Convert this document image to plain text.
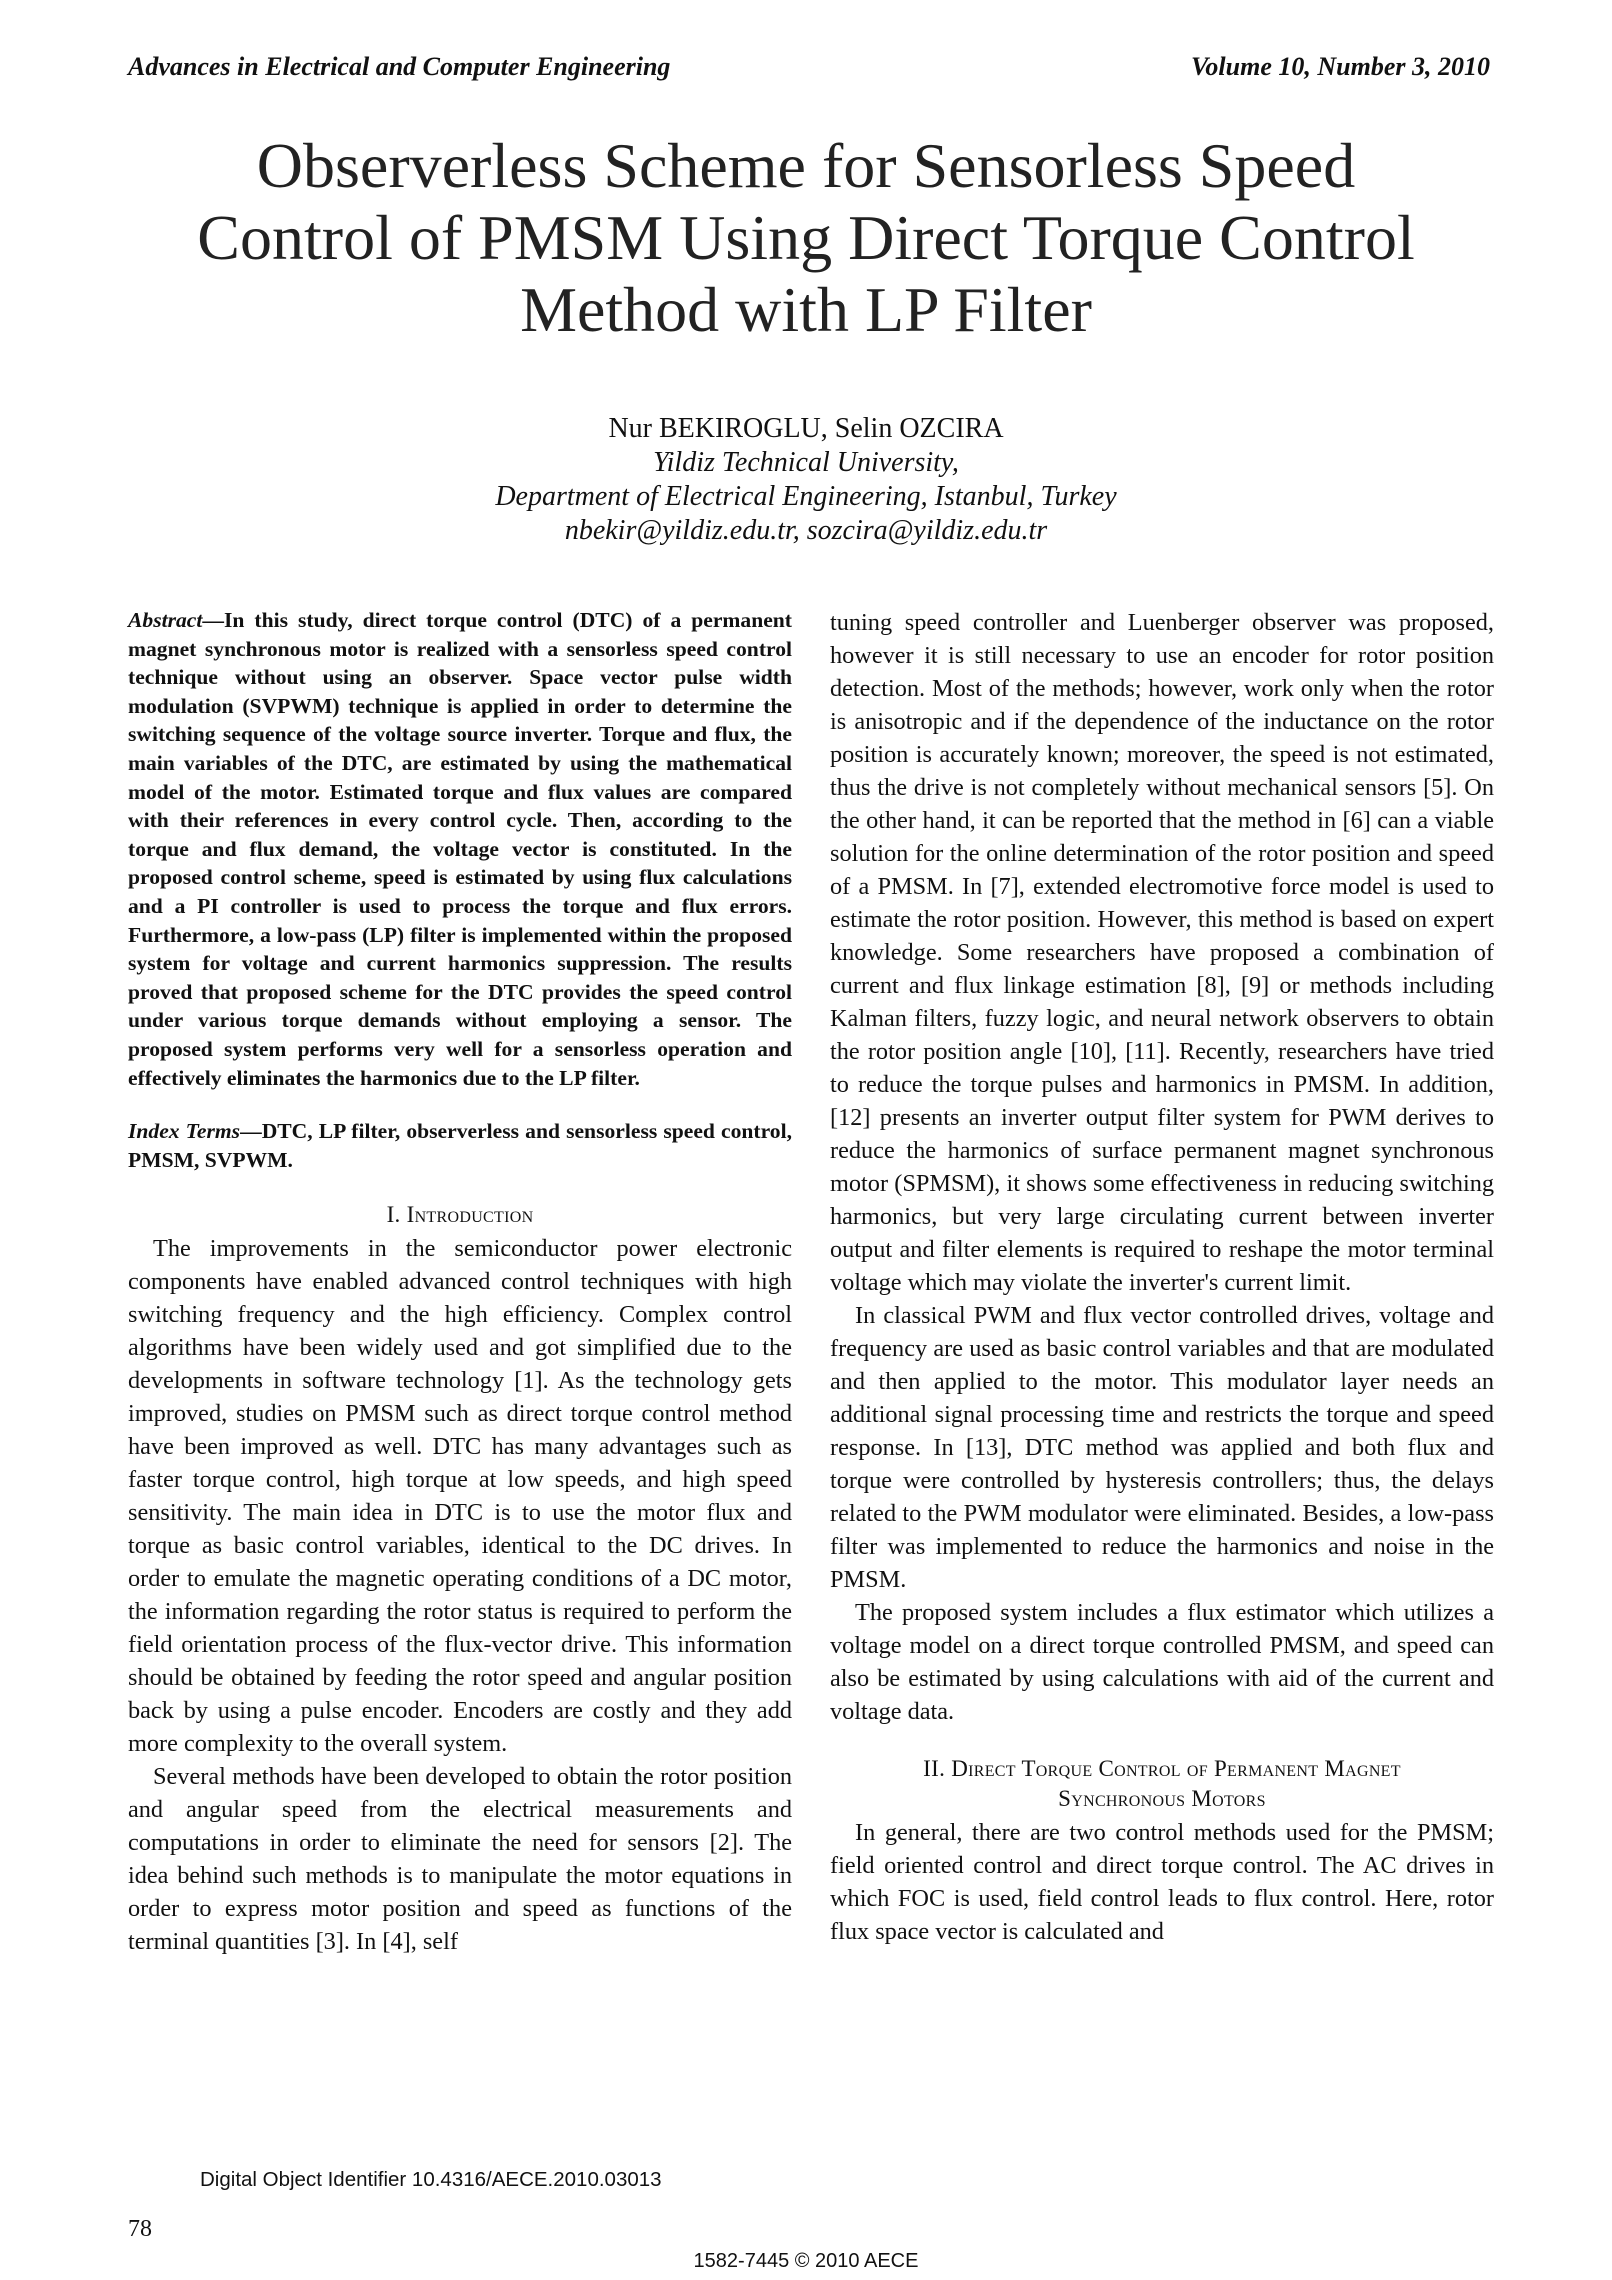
Advances in Electrical and Computer Engineering	Volume 10, Number 3, 2010
Observerless Scheme for Sensorless Speed
Control of PMSM Using Direct Torque Control
Method with LP Filter
Nur BEKIROGLU, Selin OZCIRA
Yildiz Technical University,
Department of Electrical Engineering, Istanbul, Turkey
nbekir@yildiz.edu.tr, sozcira@yildiz.edu.tr

Abstract—In this study, direct torque control (DTC) of a permanent magnet synchronous motor is realized with a sensorless speed control technique without using an observer. Space vector pulse width modulation (SVPWM) technique is applied in order to determine the switching sequence of the voltage source inverter. Torque and flux, the main variables of the DTC, are estimated by using the mathematical model of the motor. Estimated torque and flux values are compared with their references in every control cycle. Then, according to the torque and flux demand, the voltage vector is constituted. In the proposed control scheme, speed is estimated by using flux calculations and a PI controller is used to process the torque and flux errors. Furthermore, a low-pass (LP) filter is implemented within the proposed system for voltage and current harmonics suppression. The results proved that proposed scheme for the DTC provides the speed control under various torque demands without employing a sensor. The proposed system performs very well for a sensorless operation and effectively eliminates the harmonics due to the LP filter.

Index Terms—DTC, LP filter, observerless and sensorless speed control, PMSM, SVPWM.

I. Introduction

The improvements in the semiconductor power electronic components have enabled advanced control techniques with high switching frequency and the high efficiency. Complex control algorithms have been widely used and got simplified due to the developments in software technology [1]. As the technology gets improved, studies on PMSM such as direct torque control method have been improved as well. DTC has many advantages such as faster torque control, high torque at low speeds, and high speed sensitivity. The main idea in DTC is to use the motor flux and torque as basic control variables, identical to the DC drives. In order to emulate the magnetic operating conditions of a DC motor, the information regarding the rotor status is required to perform the field orientation process of the flux-vector drive. This information should be obtained by feeding the rotor speed and angular position back by using a pulse encoder. Encoders are costly and they add more complexity to the overall system.

Several methods have been developed to obtain the rotor position and angular speed from the electrical measurements and computations in order to eliminate the need for sensors [2]. The idea behind such methods is to manipulate the motor equations in order to express motor position and speed as functions of the terminal quantities [3]. In [4], self

tuning speed controller and Luenberger observer was proposed, however it is still necessary to use an encoder for rotor position detection. Most of the methods; however, work only when the rotor is anisotropic and if the dependence of the inductance on the rotor position is accurately known; moreover, the speed is not estimated, thus the drive is not completely without mechanical sensors [5]. On the other hand, it can be reported that the method in [6] can a viable solution for the online determination of the rotor position and speed of a PMSM. In [7], extended electromotive force model is used to estimate the rotor position. However, this method is based on expert knowledge. Some researchers have proposed a combination of current and flux linkage estimation [8], [9] or methods including Kalman filters, fuzzy logic, and neural network observers to obtain the rotor position angle [10], [11]. Recently, researchers have tried to reduce the torque pulses and harmonics in PMSM. In addition, [12] presents an inverter output filter system for PWM derives to reduce the harmonics of surface permanent magnet synchronous motor (SPMSM), it shows some effectiveness in reducing switching harmonics, but very large circulating current between inverter output and filter elements is required to reshape the motor terminal voltage which may violate the inverter's current limit.

In classical PWM and flux vector controlled drives, voltage and frequency are used as basic control variables and that are modulated and then applied to the motor. This modulator layer needs an additional signal processing time and restricts the torque and speed response. In [13], DTC method was applied and both flux and torque were controlled by hysteresis controllers; thus, the delays related to the PWM modulator were eliminated. Besides, a low-pass filter was implemented to reduce the harmonics and noise in the PMSM.

The proposed system includes a flux estimator which utilizes a voltage model on a direct torque controlled PMSM, and speed can also be estimated by using calculations with aid of the current and voltage data.

II. Direct Torque Control of Permanent Magnet
Synchronous Motors

In general, there are two control methods used for the PMSM; field oriented control and direct torque control. The AC drives in which FOC is used, field control leads to flux control. Here, rotor flux space vector is calculated and

Digital Object Identifier 10.4316/AECE.2010.03013
78
1582-7445 © 2010 AECE
